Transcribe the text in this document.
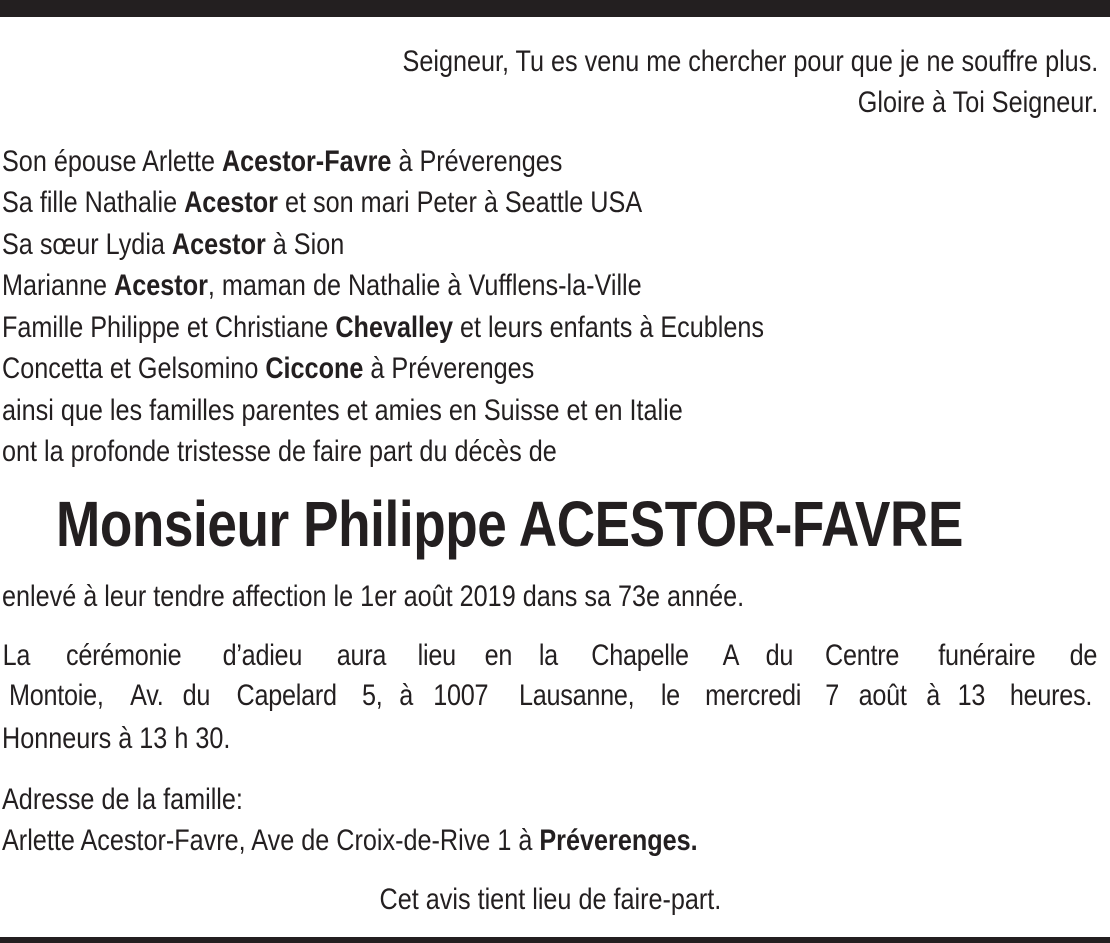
Seigneur, Tu es venu me chercher pour que je ne souffre plus.
Gloire à Toi Seigneur.
Son épouse Arlette Acestor-Favre à Préverenges
Sa fille Nathalie Acestor et son mari Peter à Seattle USA
Sa sœur Lydia Acestor à Sion
Marianne Acestor, maman de Nathalie à Vufflens-la-Ville
Famille Philippe et Christiane Chevalley et leurs enfants à Ecublens
Concetta et Gelsomino Ciccone à Préverenges
ainsi que les familles parentes et amies en Suisse et en Italie
ont la profonde tristesse de faire part du décès de
Monsieur Philippe ACESTOR-FAVRE
enlevé à leur tendre affection le 1er août 2019 dans sa 73e année.
La cérémonie d’adieu aura lieu en la Chapelle A du Centre funéraire de
Montoie, Av. du Capelard 5, à 1007 Lausanne, le mercredi 7 août à 13 heures.
Honneurs à 13 h 30.
Adresse de la famille:
Arlette Acestor-Favre, Ave de Croix-de-Rive 1 à Préverenges.
Cet avis tient lieu de faire-part.
